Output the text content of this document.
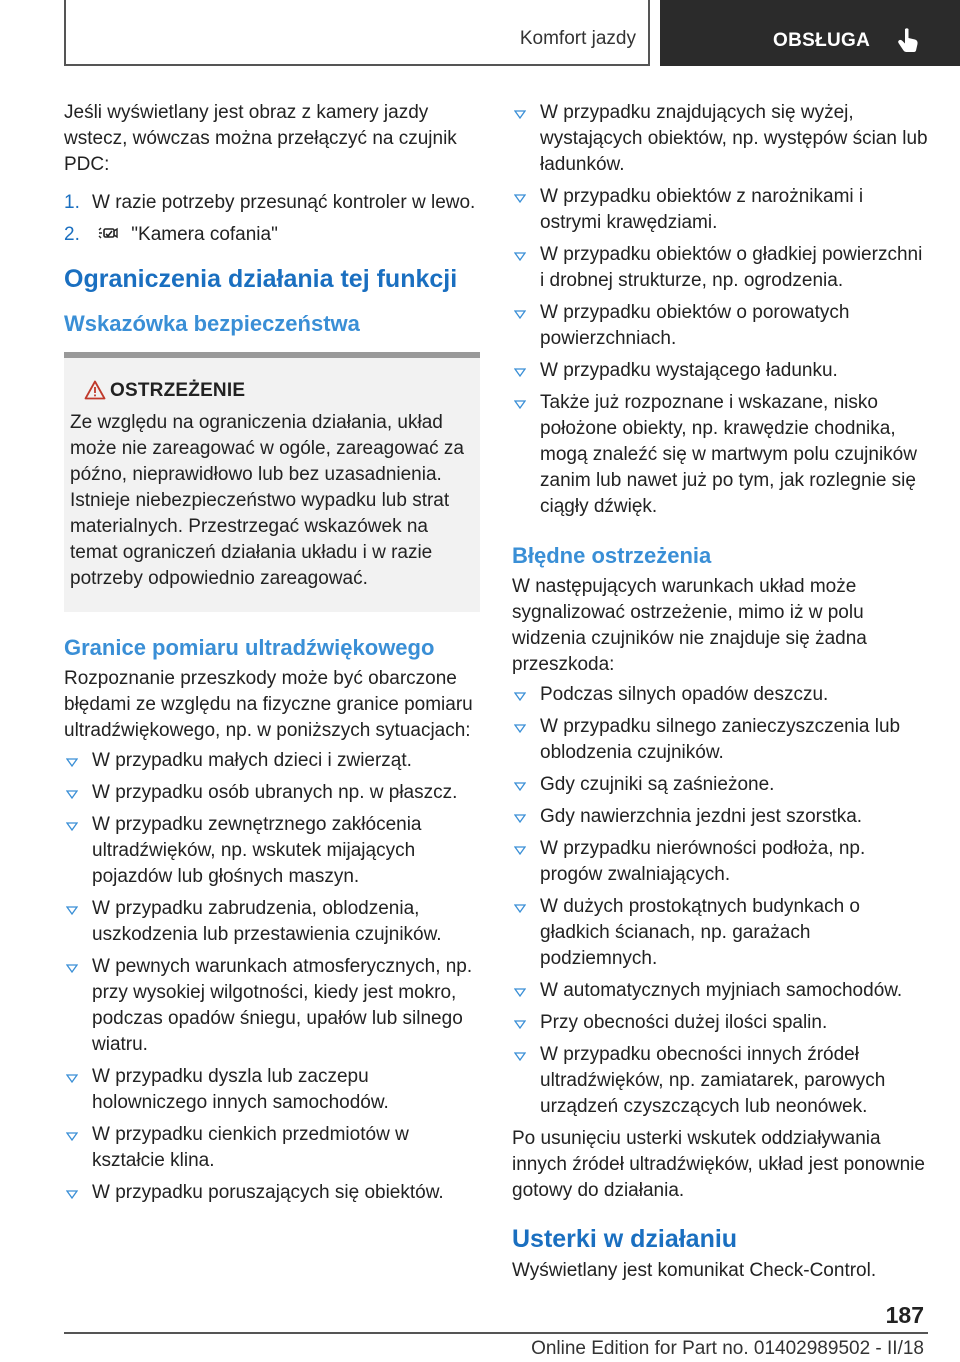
Komfort jazdy	OBSŁUGA

Jeśli wyświetlany jest obraz z kamery jazdy wstecz, wówczas można przełączyć na czujnik PDC:

1. W razie potrzeby przesunąć kontroler w lewo.
2.	"Kamera cofania"
Ograniczenia działania tej funkcji
Wskazówka bezpieczeństwa
OSTRZEŻENIE

Ze względu na ograniczenia działania, układ może nie zareagować w ogóle, zareagować za późno, nieprawidłowo lub bez uzasadnienia. Istnieje niebezpieczeństwo wypadku lub strat materialnych. Przestrzegać wskazówek na temat ograniczeń działania układu i w razie potrzeby odpowiednio zareagować.

Granice pomiaru ultradźwiękowego

Rozpoznanie przeszkody może być obarczone błędami ze względu na fizyczne granice pomiaru ultradźwiękowego, np. w poniższych sytuacjach:

W przypadku małych dzieci i zwierząt.
W przypadku osób ubranych np. w płaszcz.
W przypadku zewnętrznego zakłócenia ultradźwięków, np. wskutek mijających pojazdów lub głośnych maszyn.
W przypadku zabrudzenia, oblodzenia, uszkodzenia lub przestawienia czujników.
W pewnych warunkach atmosferycznych, np. przy wysokiej wilgotności, kiedy jest mokro, podczas opadów śniegu, upałów lub silnego wiatru.
W przypadku dyszla lub zaczepu holowniczego innych samochodów.
W przypadku cienkich przedmiotów w kształcie klina.
W przypadku poruszających się obiektów.
W przypadku znajdujących się wyżej, wystających obiektów, np. występów ścian lub ładunków.
W przypadku obiektów z narożnikami i ostrymi krawędziami.
W przypadku obiektów o gładkiej powierzchni i drobnej strukturze, np. ogrodzenia.
W przypadku obiektów o porowatych powierzchniach.
W przypadku wystającego ładunku.
Także już rozpoznane i wskazane, nisko położone obiekty, np. krawędzie chodnika, mogą znaleźć się w martwym polu czujników zanim lub nawet już po tym, jak rozlegnie się ciągły dźwięk.
Błędne ostrzeżenia

W następujących warunkach układ może sygnalizować ostrzeżenie, mimo iż w polu widzenia czujników nie znajduje się żadna przeszkoda:

Podczas silnych opadów deszczu.
W przypadku silnego zanieczyszczenia lub oblodzenia czujników.
Gdy czujniki są zaśnieżone.
Gdy nawierzchnia jezdni jest szorstka.
W przypadku nierówności podłoża, np. progów zwalniających.
W dużych prostokątnych budynkach o gładkich ścianach, np. garażach podziemnych.
W automatycznych myjniach samochodów.
Przy obecności dużej ilości spalin.
W przypadku obecności innych źródeł ultradźwięków, np. zamiatarek, parowych urządzeń czyszczących lub neonówek.

Po usunięciu usterki wskutek oddziaływania innych źródeł ultradźwięków, układ jest ponownie gotowy do działania.

Usterki w działaniu

Wyświetlany jest komunikat Check-Control.

187
Online Edition for Part no. 01402989502 - II/18
